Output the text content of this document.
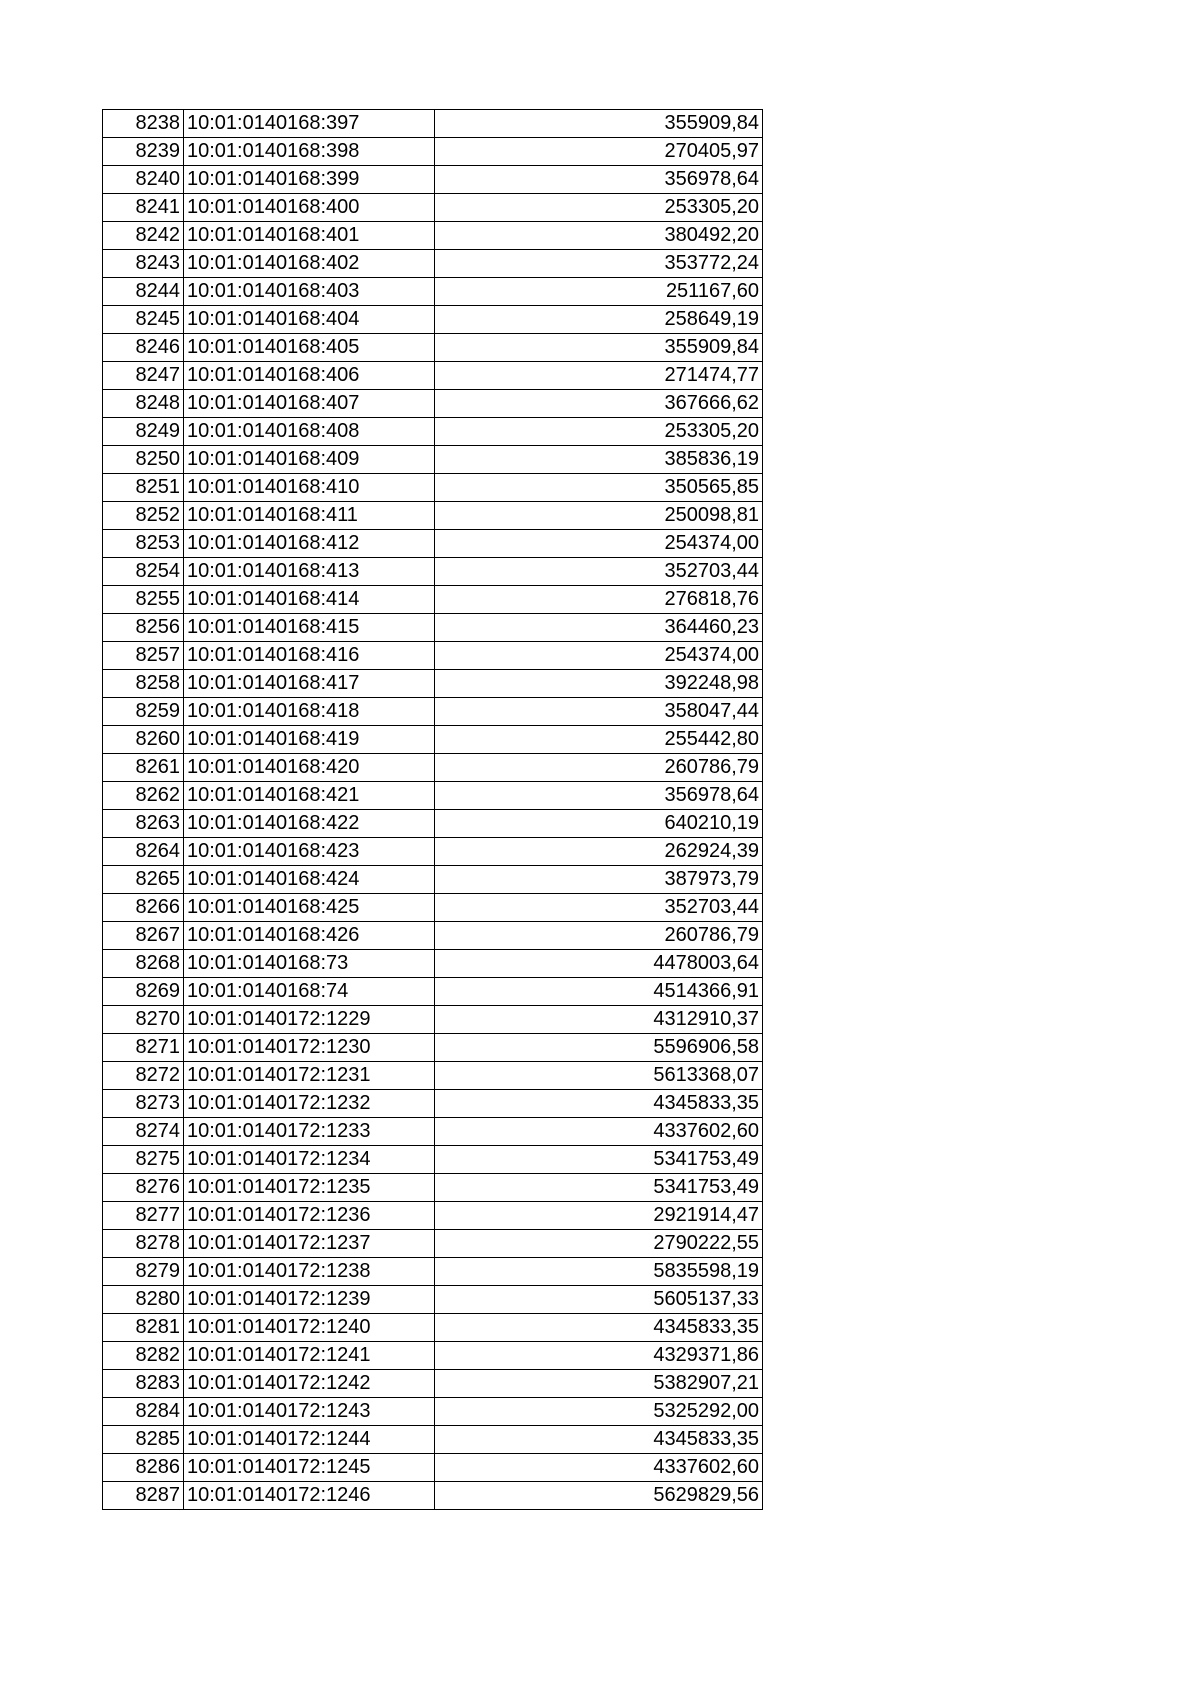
8238	10:01:0140168:397	355909,84
8239	10:01:0140168:398	270405,97
8240	10:01:0140168:399	356978,64
8241	10:01:0140168:400	253305,20
8242	10:01:0140168:401	380492,20
8243	10:01:0140168:402	353772,24
8244	10:01:0140168:403	251167,60
8245	10:01:0140168:404	258649,19
8246	10:01:0140168:405	355909,84
8247	10:01:0140168:406	271474,77
8248	10:01:0140168:407	367666,62
8249	10:01:0140168:408	253305,20
8250	10:01:0140168:409	385836,19
8251	10:01:0140168:410	350565,85
8252	10:01:0140168:411	250098,81
8253	10:01:0140168:412	254374,00
8254	10:01:0140168:413	352703,44
8255	10:01:0140168:414	276818,76
8256	10:01:0140168:415	364460,23
8257	10:01:0140168:416	254374,00
8258	10:01:0140168:417	392248,98
8259	10:01:0140168:418	358047,44
8260	10:01:0140168:419	255442,80
8261	10:01:0140168:420	260786,79
8262	10:01:0140168:421	356978,64
8263	10:01:0140168:422	640210,19
8264	10:01:0140168:423	262924,39
8265	10:01:0140168:424	387973,79
8266	10:01:0140168:425	352703,44
8267	10:01:0140168:426	260786,79
8268	10:01:0140168:73	4478003,64
8269	10:01:0140168:74	4514366,91
8270	10:01:0140172:1229	4312910,37
8271	10:01:0140172:1230	5596906,58
8272	10:01:0140172:1231	5613368,07
8273	10:01:0140172:1232	4345833,35
8274	10:01:0140172:1233	4337602,60
8275	10:01:0140172:1234	5341753,49
8276	10:01:0140172:1235	5341753,49
8277	10:01:0140172:1236	2921914,47
8278	10:01:0140172:1237	2790222,55
8279	10:01:0140172:1238	5835598,19
8280	10:01:0140172:1239	5605137,33
8281	10:01:0140172:1240	4345833,35
8282	10:01:0140172:1241	4329371,86
8283	10:01:0140172:1242	5382907,21
8284	10:01:0140172:1243	5325292,00
8285	10:01:0140172:1244	4345833,35
8286	10:01:0140172:1245	4337602,60
8287	10:01:0140172:1246	5629829,56
